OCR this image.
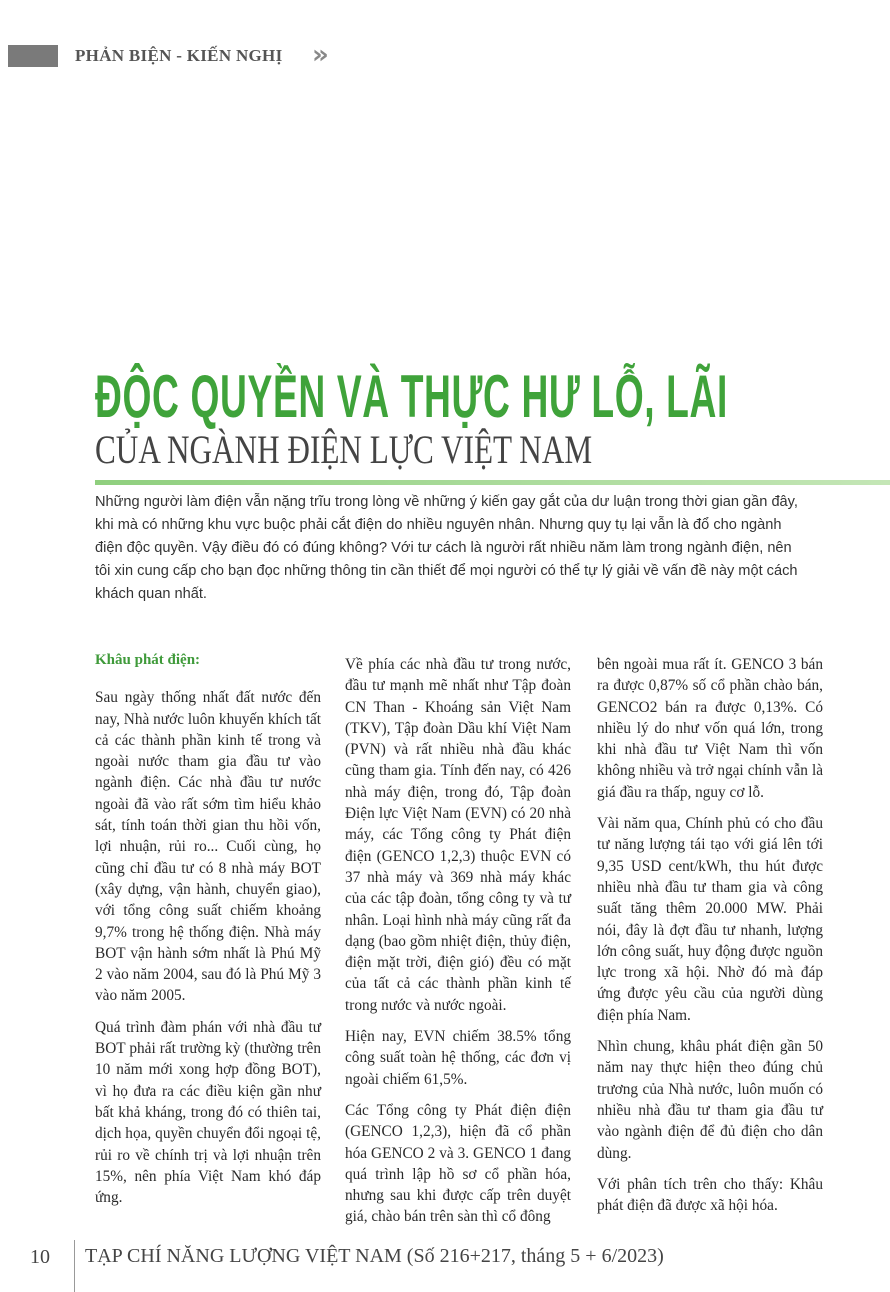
PHẢN BIỆN - KIẾN NGHỊ »
ĐỘC QUYỀN VÀ THỰC HƯ LỖ, LÃI
CỦA NGÀNH ĐIỆN LỰC VIỆT NAM

Những người làm điện vẫn nặng trĩu trong lòng về những ý kiến gay gắt của dư luận trong thời gian gần đây, khi mà có những khu vực buộc phải cắt điện do nhiều nguyên nhân. Nhưng quy tụ lại vẫn là đổ cho ngành điện độc quyền. Vậy điều đó có đúng không? Với tư cách là người rất nhiều năm làm trong ngành điện, nên tôi xin cung cấp cho bạn đọc những thông tin cần thiết để mọi người có thể tự lý giải về vấn đề này một cách khách quan nhất.

Khâu phát điện:

Sau ngày thống nhất đất nước đến nay, Nhà nước luôn khuyến khích tất cả các thành phần kinh tế trong và ngoài nước tham gia đầu tư vào ngành điện. Các nhà đầu tư nước ngoài đã vào rất sớm tìm hiểu khảo sát, tính toán thời gian thu hồi vốn, lợi nhuận, rủi ro... Cuối cùng, họ cũng chỉ đầu tư có 8 nhà máy BOT (xây dựng, vận hành, chuyển giao), với tổng công suất chiếm khoảng 9,7% trong hệ thống điện. Nhà máy BOT vận hành sớm nhất là Phú Mỹ 2 vào năm 2004, sau đó là Phú Mỹ 3 vào năm 2005.

Quá trình đàm phán với nhà đầu tư BOT phải rất trường kỳ (thường trên 10 năm mới xong hợp đồng BOT), vì họ đưa ra các điều kiện gần như bất khả kháng, trong đó có thiên tai, dịch họa, quyền chuyển đổi ngoại tệ, rủi ro về chính trị và lợi nhuận trên 15%, nên phía Việt Nam khó đáp ứng.

Về phía các nhà đầu tư trong nước, đầu tư mạnh mẽ nhất như Tập đoàn CN Than - Khoáng sản Việt Nam (TKV), Tập đoàn Dầu khí Việt Nam (PVN) và rất nhiều nhà đầu khác cũng tham gia. Tính đến nay, có 426 nhà máy điện, trong đó, Tập đoàn Điện lực Việt Nam (EVN) có 20 nhà máy, các Tổng công ty Phát điện điện (GENCO 1,2,3) thuộc EVN có 37 nhà máy và 369 nhà máy khác của các tập đoàn, tổng công ty và tư nhân. Loại hình nhà máy cũng rất đa dạng (bao gồm nhiệt điện, thủy điện, điện mặt trời, điện gió) đều có mặt của tất cả các thành phần kinh tế trong nước và nước ngoài.

Hiện nay, EVN chiếm 38.5% tổng công suất toàn hệ thống, các đơn vị ngoài chiếm 61,5%.

Các Tổng công ty Phát điện điện (GENCO 1,2,3), hiện đã cổ phần hóa GENCO 2 và 3. GENCO 1 đang quá trình lập hồ sơ cổ phần hóa, nhưng sau khi được cấp trên duyệt giá, chào bán trên sàn thì cổ đông

bên ngoài mua rất ít. GENCO 3 bán ra được 0,87% số cổ phần chào bán, GENCO2 bán ra được 0,13%. Có nhiều lý do như vốn quá lớn, trong khi nhà đầu tư Việt Nam thì vốn không nhiều và trở ngại chính vẫn là giá đầu ra thấp, nguy cơ lỗ.

Vài năm qua, Chính phủ có cho đầu tư năng lượng tái tạo với giá lên tới 9,35 USD cent/kWh, thu hút được nhiều nhà đầu tư tham gia và công suất tăng thêm 20.000 MW. Phải nói, đây là đợt đầu tư nhanh, lượng lớn công suất, huy động được nguồn lực trong xã hội. Nhờ đó mà đáp ứng được yêu cầu của người dùng điện phía Nam.

Nhìn chung, khâu phát điện gần 50 năm nay thực hiện theo đúng chủ trương của Nhà nước, luôn muốn có nhiều nhà đầu tư tham gia đầu tư vào ngành điện để đủ điện cho dân dùng.

Với phân tích trên cho thấy: Khâu phát điện đã được xã hội hóa.

10 TẠP CHÍ NĂNG LƯỢNG VIỆT NAM (Số 216+217, tháng 5 + 6/2023)
